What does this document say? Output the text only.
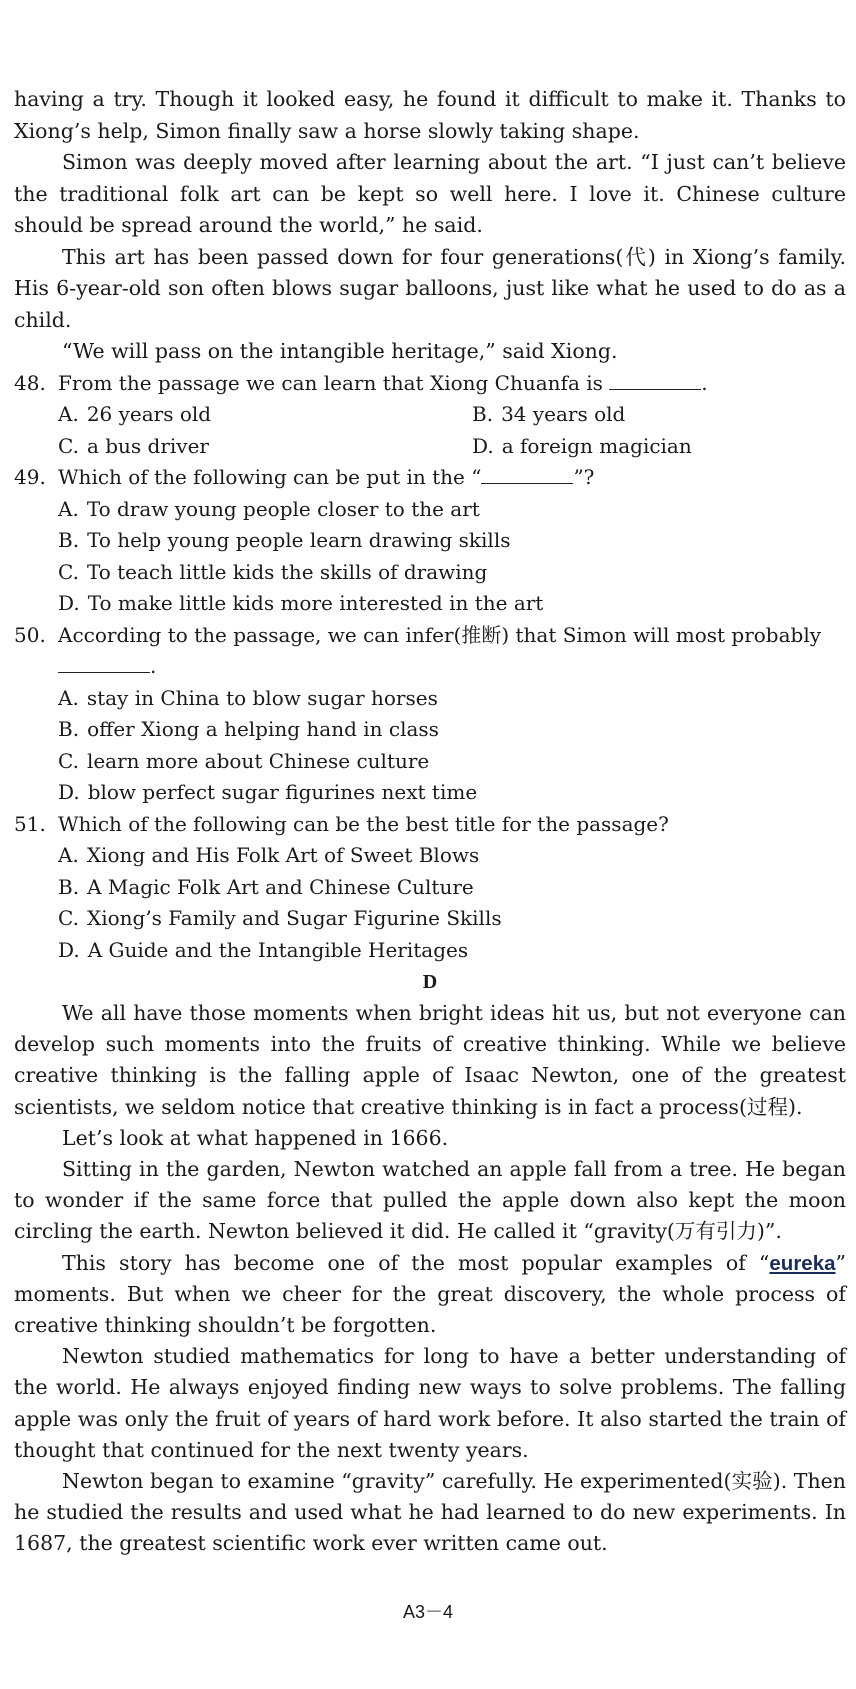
having a try. Though it looked easy, he found it difficult to make it. Thanks to Xiong’s help, Simon finally saw a horse slowly taking shape.

Simon was deeply moved after learning about the art. “I just can’t believe the traditional folk art can be kept so well here. I love it. Chinese culture should be spread around the world,” he said.

This art has been passed down for four generations(代) in Xiong’s family. His 6-year-old son often blows sugar balloons, just like what he used to do as a child.

“We will pass on the intangible heritage,” said Xiong.

48. From the passage we can learn that Xiong Chuanfa is	.
A. 26 years old	B. 34 years old
C. a bus driver	D. a foreign magician
49. Which of the following can be put in the “	”?
A. To draw young people closer to the art
B. To help young people learn drawing skills
C. To teach little kids the skills of drawing
D. To make little kids more interested in the art
50. According to the passage, we can infer(推断) that Simon will most probably
.
A. stay in China to blow sugar horses
B. offer Xiong a helping hand in class
C. learn more about Chinese culture
D. blow perfect sugar figurines next time
51. Which of the following can be the best title for the passage?
A. Xiong and His Folk Art of Sweet Blows
B. A Magic Folk Art and Chinese Culture
C. Xiong’s Family and Sugar Figurine Skills
D. A Guide and the Intangible Heritages

D

We all have those moments when bright ideas hit us, but not everyone can develop such moments into the fruits of creative thinking. While we believe creative thinking is the falling apple of Isaac Newton, one of the greatest scientists, we seldom notice that creative thinking is in fact a process(过程).

Let’s look at what happened in 1666.

Sitting in the garden, Newton watched an apple fall from a tree. He began to wonder if the same force that pulled the apple down also kept the moon circling the earth. Newton believed it did. He called it “gravity(万有引力)”.

This story has become one of the most popular examples of “eureka” moments. But when we cheer for the great discovery, the whole process of creative thinking shouldn’t be forgotten.

Newton studied mathematics for long to have a better understanding of the world. He always enjoyed finding new ways to solve problems. The falling apple was only the fruit of years of hard work before. It also started the train of thought that continued for the next twenty years.

Newton began to examine “gravity” carefully. He experimented(实验). Then he studied the results and used what he had learned to do new experiments. In 1687, the greatest scientific work ever written came out.

A3－4
